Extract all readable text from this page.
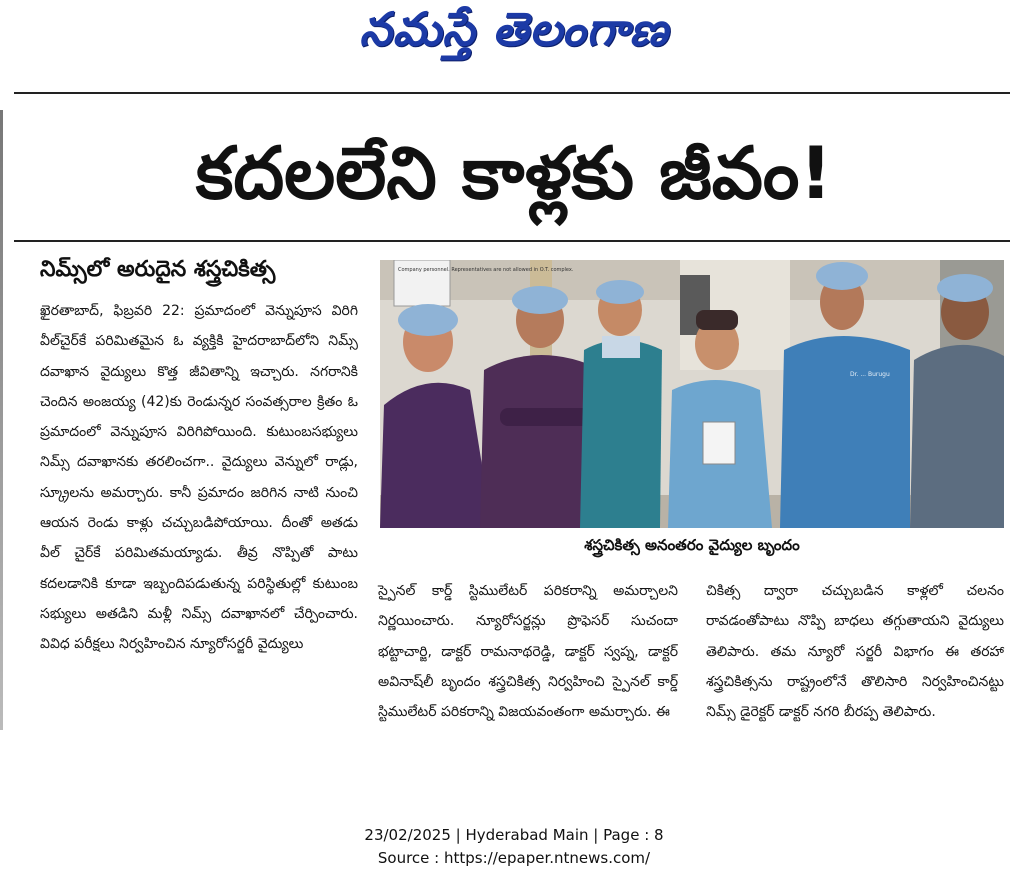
నమస్తే తెలంగాణ
కదలలేని కాళ్లకు జీవం!
నిమ్స్‌లో అరుదైన శస్త్రచికిత్స

ఖైరతాబాద్, ఫిబ్రవరి 22: ప్రమాదంలో వెన్నుపూస విరిగి వీల్‌చైర్‌కే పరిమితమైన ఓ వ్యక్తికి హైదరాబాద్‌లోని నిమ్స్ దవాఖాన వైద్యులు కొత్త జీవితాన్ని ఇచ్చారు. నగరానికి చెందిన అంజయ్య (42)కు రెండున్నర సంవత్సరాల క్రితం ఓ ప్రమాదంలో వెన్నుపూస విరిగిపోయింది. కుటుంబసభ్యులు నిమ్స్ దవాఖానకు తరలించగా.. వైద్యులు వెన్నులో రాడ్లు, స్క్రూలను అమర్చారు. కానీ ప్రమాదం జరిగిన నాటి నుంచి ఆయన రెండు కాళ్లు చచ్చుబడిపోయాయి. దీంతో అతడు వీల్ చైర్‌కే పరిమితమయ్యాడు. తీవ్ర నొప్పితో పాటు కదలడానికి కూడా ఇబ్బందిపడుతున్న పరిస్థితుల్లో కుటుంబ సభ్యులు అతడిని మళ్లీ నిమ్స్ దవాఖానలో చేర్పించారు. వివిధ పరీక్షలు నిర్వహించిన న్యూరోసర్జరీ వైద్యులు

Company personnel. Representatives are not allowed in O.T. complex.
Dr. ... Burugu
శస్త్రచికిత్స అనంతరం వైద్యుల బృందం

స్పైనల్ కార్డ్ స్టిములేటర్ పరికరాన్ని అమర్చాలని నిర్ణయించారు. న్యూరోసర్జన్లు ప్రొఫెసర్ సుచందా భట్టాచార్జి, డాక్టర్ రామనాథరెడ్డి, డాక్టర్ స్వప్న, డాక్టర్ అవినాష్‌లీ బృందం శస్త్రచికిత్స నిర్వహించి స్పైనల్ కార్డ్ స్టిములేటర్ పరికరాన్ని విజయవంతంగా అమర్చారు. ఈ

చికిత్స ద్వారా చచ్చుబడిన కాళ్లలో చలనం రావడంతోపాటు నొప్పి బాధలు తగ్గుతాయని వైద్యులు తెలిపారు. తమ న్యూరో సర్జరీ విభాగం ఈ తరహా శస్త్రచికిత్సను రాష్ట్రంలోనే తొలిసారి నిర్వహించినట్టు నిమ్స్ డైరెక్టర్ డాక్టర్ నగరి బీరప్ప తెలిపారు.

23/02/2025 | Hyderabad Main | Page : 8
Source : https://epaper.ntnews.com/
